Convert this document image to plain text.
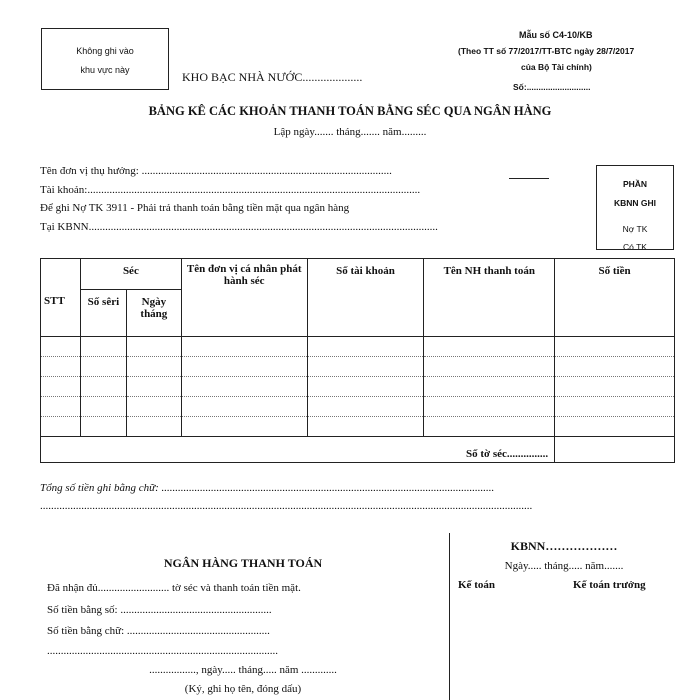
Không ghi vào
khu vực này	KHO BẠC NHÀ NƯỚC....................
Mẫu số C4-10/KB
(Theo TT số 77/2017/TT-BTC ngày 28/7/2017
của Bộ Tài chính)
Số:...........................
BẢNG KÊ CÁC KHOẢN THANH TOÁN BẰNG SÉC QUA NGÂN HÀNG
Lập ngày....... tháng....... năm.........
Tên đơn vị thụ hưởng: ...........................................................................................
Tài khoản:.........................................................................................................................
Để ghi Nợ TK 3911 - Phải trả thanh toán bằng tiền mặt qua ngân hàng
Tại KBNN...............................................................................................................................
PHẦN
KBNN GHI
Nợ TK
Có TK
STT	Séc		Tên đơn vị cá nhân phát hành séc	Số tài khoản	Tên NH thanh toán	Số tiền
	Số sêri	Ngày tháng				

Số tờ séc...............						
Tổng số tiền ghi bằng chữ: .........................................................................................................................
...................................................................................................................................................................................
NGÂN HÀNG THANH TOÁN
Đã nhận đủ.......................... tờ séc và thanh toán tiền mặt.
Số tiền bằng số: .......................................................
Số tiền bằng chữ: ....................................................
....................................................................................
................., ngày..... tháng..... năm .............
(Ký, ghi họ tên, đóng dấu)
KBNN………………
Ngày..... tháng..... năm.......
Kế toán	Kế toán trưởng
